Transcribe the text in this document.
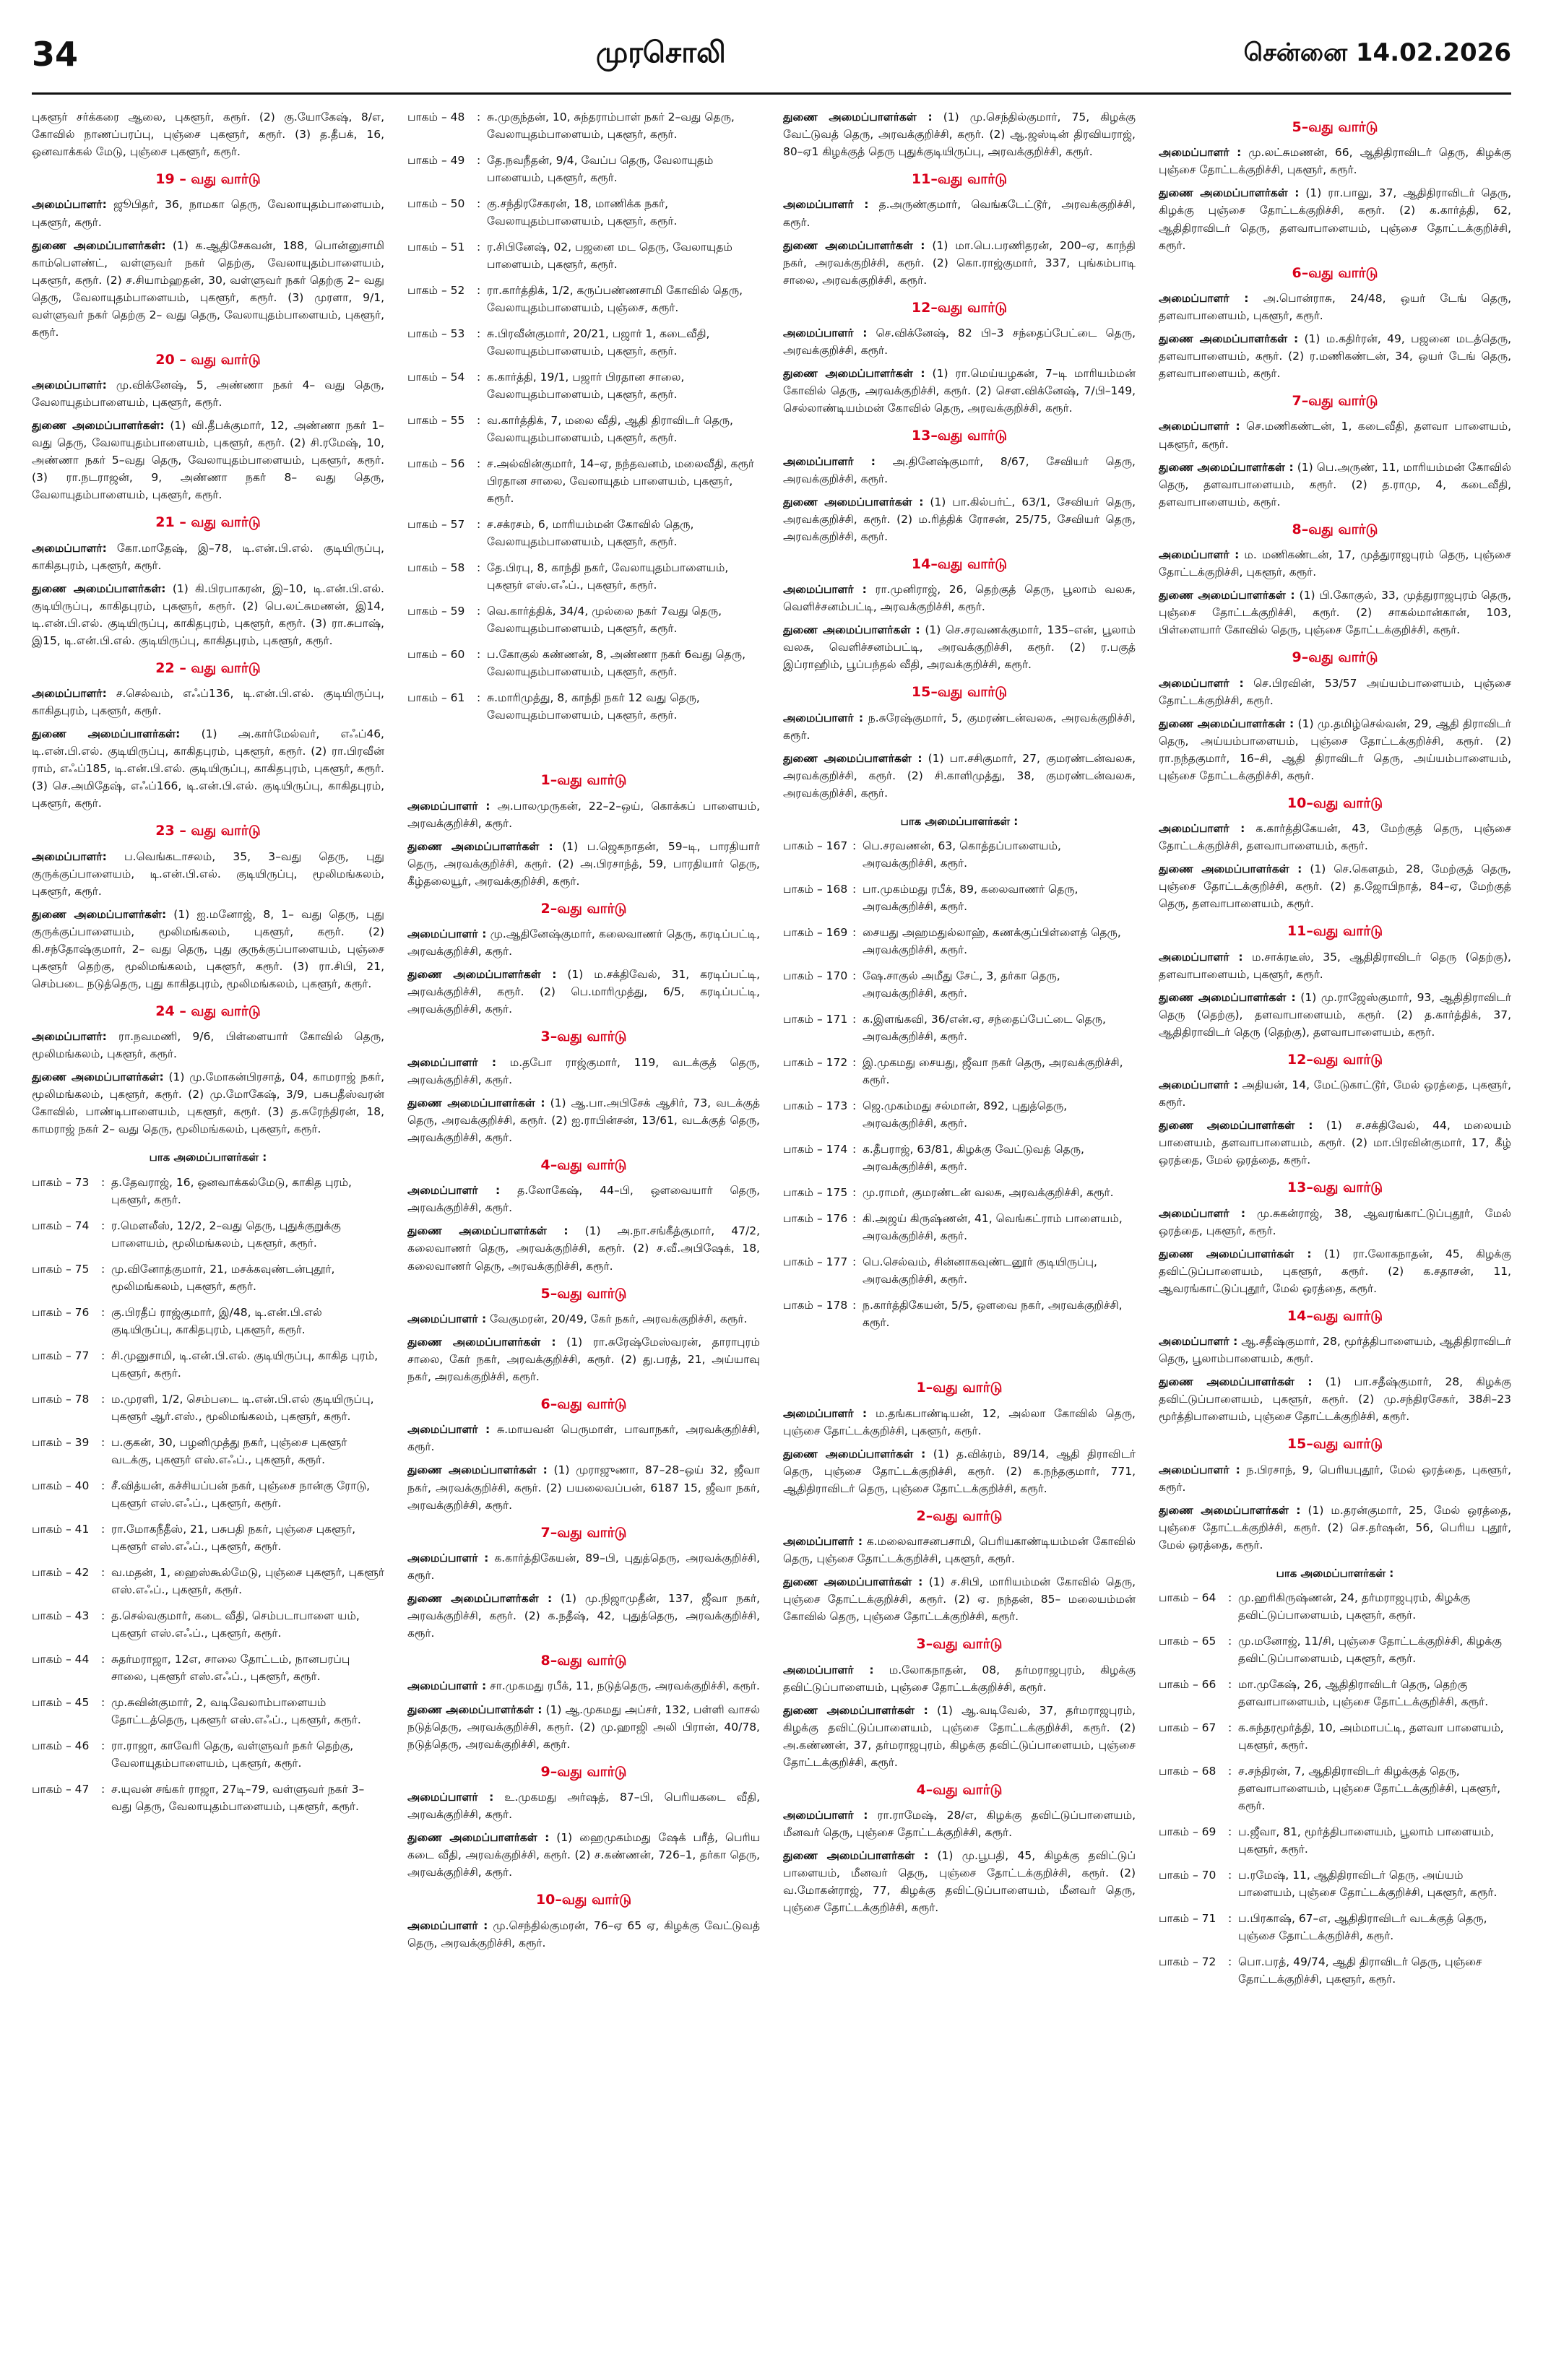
34	முரசொலி	சென்னை 14.02.2026

புகளூர் சர்க்கரை ஆலை, புகளூர், கரூர். (2) கு.யோகேஷ், 8/எ, கோவில் நாணப்பரப்பு, புஞ்சை புகளூர், கரூர். (3) த.தீபக், 16, ஒனவாக்கல் மேடு, புஞ்சை புகளூர், கரூர்.

19 – வது வார்டு

அமைப்பாளர்: ஜூபிதர், 36, நாமகா தெரு, வேலாயுதம்பாளையம், புகளூர், கரூர்.

துணை அமைப்பாளர்கள்: (1) க.ஆதிசேகவன், 188, பொன்னுசாமி காம்பௌண்ட், வள்ளுவர் நகர் தெற்கு, வேலாயுதம்பாளையம், புகளூர், கரூர். (2) ச.சியாம்ஹதன், 30, வள்ளுவர் நகர் தெற்கு 2– வது தெரு, வேலாயுதம்பாளையம், புகளூர், கரூர். (3) முரளா, 9/1, வள்ளுவர் நகர் தெற்கு 2– வது தெரு, வேலாயுதம்பாளையம், புகளூர், கரூர்.

20 – வது வார்டு

அமைப்பாளர்: மு.விக்னேஷ், 5, அண்ணா நகர் 4– வது தெரு, வேலாயுதம்பாளையம், புகளூர், கரூர்.

துணை அமைப்பாளர்கள்: (1) வி.தீபக்குமார், 12, அண்ணா நகர் 1–வது தெரு, வேலாயுதம்பாளையம், புகளூர், கரூர். (2) சி.ரமேஷ், 10, அண்ணா நகர் 5–வது தெரு, வேலாயுதம்பாளையம், புகளூர், கரூர். (3) ரா.நடராஜன், 9, அண்ணா நகர் 8– வது தெரு, வேலாயுதம்பாளையம், புகளூர், கரூர்.

21 – வது வார்டு

அமைப்பாளர்: கோ.மாதேஷ், இ–78, டி.என்.பி.எல். குடியிருப்பு, காகிதபுரம், புகளூர், கரூர்.

துணை அமைப்பாளர்கள்: (1) கி.பிரபாகரன், இ–10, டி.என்.பி.எல். குடியிருப்பு, காகிதபுரம், புகளூர், கரூர். (2) பெ.லட்சுமணன், இ14, டி.என்.பி.எல். குடியிருப்பு, காகிதபுரம், புகளூர், கரூர். (3) ரா.சுபாஷ், இ15, டி.என்.பி.எல். குடியிருப்பு, காகிதபுரம், புகளூர், கரூர்.

22 – வது வார்டு

அமைப்பாளர்: ச.செல்வம், எஃப்136, டி.என்.பி.எல். குடியிருப்பு, காகிதபுரம், புகளூர், கரூர்.

துணை அமைப்பாளர்கள்: (1) அ.கார்மேல்வர், எஃப்46, டி.என்.பி.எல். குடியிருப்பு, காகிதபுரம், புகளூர், கரூர். (2) ரா.பிரவீன் ராம், எஃப்185, டி.என்.பி.எல். குடியிருப்பு, காகிதபுரம், புகளூர், கரூர். (3) செ.அமிதேஷ், எஃப்166, டி.என்.பி.எல். குடியிருப்பு, காகிதபுரம், புகளூர், கரூர்.

23 – வது வார்டு

அமைப்பாளர்: ப.வெங்கடாசலம், 35, 3–வது தெரு, புது குருக்குப்பாளையம், டி.என்.பி.எல். குடியிருப்பு, மூலிமங்கலம், புகளூர், கரூர்.

துணை அமைப்பாளர்கள்: (1) ஐ.மனோஜ், 8, 1– வது தெரு, புது குருக்குப்பாளையம், மூலிமங்கலம், புகளூர், கரூர். (2) கி.சந்தோஷ்குமார், 2– வது தெரு, புது குருக்குப்பாளையம், புஞ்சை புகளூர் தெற்கு, மூலிமங்கலம், புகளூர், கரூர். (3) ரா.சிபி, 21, செம்படை நடுத்தெரு, புது காகிதபுரம், மூலிமங்கலம், புகளூர், கரூர்.

24 – வது வார்டு

அமைப்பாளர்: ரா.நவமணி, 9/6, பிள்ளையார் கோவில் தெரு, மூலிமங்கலம், புகளூர், கரூர்.

துணை அமைப்பாளர்கள்: (1) மு.மோகன்பிரசாத், 04, காமராஜ் நகர், மூலிமங்கலம், புகளூர், கரூர். (2) மு.மோகேஷ், 3/9, பசுபதீஸ்வரன் கோவில், பாண்டிபாளையம், புகளூர், கரூர். (3) த.சுரேந்திரன், 18, காமராஜ் நகர் 2– வது தெரு, மூலிமங்கலம், புகளூர், கரூர்.

பாக அமைப்பாளர்கள் :
பாகம் – 73	: த.தேவராஜ், 16, ஒனவாக்கல்மேடு, காகித புரம், புகளூர், கரூர்.
பாகம் – 74	: ர.மௌலீஸ், 12/2, 2–வது தெரு, புதுக்குறுக்கு பாளையம், மூலிமங்கலம், புகளூர், கரூர்.
பாகம் – 75	: மு.வினோத்குமார், 21, மசக்கவுண்டன்புதூர், மூலிமங்கலம், புகளூர், கரூர்.
பாகம் – 76	: கு.பிரதீப் ராஜ்குமார், இ/48, டி.என்.பி.எல் குடியிருப்பு, காகிதபுரம், புகளூர், கரூர்.
பாகம் – 77	: சி.முனுசாமி, டி.என்.பி.எல். குடியிருப்பு, காகித புரம், புகளூர், கரூர்.
பாகம் – 78	: ம.முரளி, 1/2, செம்படை டி.என்.பி.எல் குடியிருப்பு, புகளூர் ஆர்.எஸ்., மூலிமங்கலம், புகளூர், கரூர்.
பாகம் – 39	: ப.குகன், 30, பழனிமுத்து நகர், புஞ்சை புகளூர் வடக்கு, புகளூர் எஸ்.எஃப்., புகளூர், கரூர்.
பாகம் – 40	: சீ.வித்யன், கச்சியப்பன் நகர், புஞ்சை நான்கு ரோடு, புகளூர் எஸ்.எஃப்., புகளூர், கரூர்.
பாகம் – 41	: ரா.மோகநீதீஸ், 21, பசுபதி நகர், புஞ்சை புகளூர், புகளூர் எஸ்.எஃப்., புகளூர், கரூர்.
பாகம் – 42	: வ.மதன், 1, ஹைஸ்கூல்மேடு, புஞ்சை புகளூர், புகளூர் எஸ்.எஃப்., புகளூர், கரூர்.
பாகம் – 43	: த.செல்வகுமார், கடை வீதி, செம்படாபாளை யம், புகளூர் எஸ்.எஃப்., புகளூர், கரூர்.
பாகம் – 44	: சுதர்மராஜா, 12எ, சாலை தோட்டம், நானபரப்பு சாலை, புகளூர் எஸ்.எஃப்., புகளூர், கரூர்.
பாகம் – 45	: மு.சுவின்குமார், 2, வடிவேலாம்பாளையம் தோட்டத்தெரு, புகளூர் எஸ்.எஃப்., புகளூர், கரூர்.
பாகம் – 46	: ரா.ராஜா, காவேரி தெரு, வள்ளுவர் நகர் தெற்கு, வேலாயுதம்பாளையம், புகளூர், கரூர்.
பாகம் – 47	: ச.யுவன் சங்கர் ராஜா, 27டி–79, வள்ளுவர் நகர் 3–வது தெரு, வேலாயுதம்பாளையம், புகளூர், கரூர்.
பாகம் – 48	: சு.முகுந்தன், 10, சுந்தராம்பாள் நகர் 2–வது தெரு, வேலாயுதம்பாளையம், புகளூர், கரூர்.
பாகம் – 49	: தே.நவநீதன், 9/4, வேப்ப தெரு, வேலாயுதம் பாளையம், புகளூர், கரூர்.
பாகம் – 50	: கு.சந்திரசேகரன், 18, மாணிக்க நகர், வேலாயுதம்பாளையம், புகளூர், கரூர்.
பாகம் – 51	: ர.சிபினேஷ், 02, பஜனை மட தெரு, வேலாயுதம் பாளையம், புகளூர், கரூர்.
பாகம் – 52	: ரா.கார்த்திக், 1/2, கருப்பண்ணசாமி கோவில் தெரு, வேலாயுதம்பாளையம், புஞ்சை, கரூர்.
பாகம் – 53	: சு.பிரவீன்குமார், 20/21, பஜார் 1, கடைவீதி, வேலாயுதம்பாளையம், புகளூர், கரூர்.
பாகம் – 54	: க.கார்த்தி, 19/1, பஜார் பிரதான சாலை, வேலாயுதம்பாளையம், புகளூர், கரூர்.
பாகம் – 55	: வ.கார்த்திக், 7, மலை வீதி, ஆதி திராவிடர் தெரு, வேலாயுதம்பாளையம், புகளூர், கரூர்.
பாகம் – 56	: ச.அல்வின்குமார், 14–ஏ, நந்தவனம், மலைவீதி, கரூர் பிரதான சாலை, வேலாயுதம் பாளையம், புகளூர், கரூர்.
பாகம் – 57	: ச.சக்ரசம், 6, மாரியம்மன் கோவில் தெரு, வேலாயுதம்பாளையம், புகளூர், கரூர்.
பாகம் – 58	: தே.பிரபு, 8, காந்தி நகர், வேலாயுதம்பாளையம், புகளூர் எஸ்.எஃப்., புகளூர், கரூர்.
பாகம் – 59	: வெ.கார்த்திக், 34/4, முல்லை நகர் 7வது தெரு, வேலாயுதம்பாளையம், புகளூர், கரூர்.
பாகம் – 60	: ப.கோகுல் கண்ணன், 8, அண்ணா நகர் 6வது தெரு, வேலாயுதம்பாளையம், புகளூர், கரூர்.
பாகம் – 61	: சு.மாரிமுத்து, 8, காந்தி நகர் 12 வது தெரு, வேலாயுதம்பாளையம், புகளூர், கரூர்.
1–வது வார்டு

அமைப்பாளர் : அ.பாலமுருகன், 22–2–ஒய், கொக்கப் பாளையம், அரவக்குறிச்சி, கரூர்.

துணை அமைப்பாளர்கள் : (1) ப.ஜெகநாதன், 59–டி, பாரதியார் தெரு, அரவக்குறிச்சி, கரூர். (2) அ.பிரசாந்த், 59, பாரதியார் தெரு, கீழ்தலையூர், அரவக்குறிச்சி, கரூர்.

2–வது வார்டு

அமைப்பாளர் : மு.ஆதினேஷ்குமார், கலைவாணர் தெரு, கரடிப்பட்டி, அரவக்குறிச்சி, கரூர்.

துணை அமைப்பாளர்கள் : (1) ம.சக்திவேல், 31, கரடிப்பட்டி, அரவக்குறிச்சி, கரூர். (2) பெ.மாரிமுத்து, 6/5, கரடிப்பட்டி, அரவக்குறிச்சி, கரூர்.

3–வது வார்டு

அமைப்பாளர் : ம.தபோ ராஜ்குமார், 119, வடக்குத் தெரு, அரவக்குறிச்சி, கரூர்.

துணை அமைப்பாளர்கள் : (1) ஆ.பா.அபிசேக் ஆசிர், 73, வடக்குத் தெரு, அரவக்குறிச்சி, கரூர். (2) ஐ.ராபின்சன், 13/61, வடக்குத் தெரு, அரவக்குறிச்சி, கரூர்.

4–வது வார்டு

அமைப்பாளர் : த.லோகேஷ், 44–பி, ஒளவையார் தெரு, அரவக்குறிச்சி, கரூர்.

துணை அமைப்பாளர்கள் : (1) அ.நா.சங்கீத்குமார், 47/2, கலைவாணர் தெரு, அரவக்குறிச்சி, கரூர். (2) ச.வீ.அபிஷேக், 18, கலைவாணர் தெரு, அரவக்குறிச்சி, கரூர்.

5–வது வார்டு

அமைப்பாளர் : வேகுமரன், 20/49, கேர் நகர், அரவக்குறிச்சி, கரூர்.

துணை அமைப்பாளர்கள் : (1) ரா.சுரேஷ்மேஸ்வரன், தாராபுரம் சாலை, கேர் நகர், அரவக்குறிச்சி, கரூர். (2) து.பரத், 21, அய்யாவு நகர், அரவக்குறிச்சி, கரூர்.

6–வது வார்டு

அமைப்பாளர் : சு.மாயவன் பெருமாள், பாவாநகர், அரவக்குறிச்சி, கரூர்.

துணை அமைப்பாளர்கள் : (1) முராஜுணா, 87–28–ஒய் 32, ஜீவா நகர், அரவக்குறிச்சி, கரூர். (2) பயலைவப்பன், 6187 15, ஜீவா நகர், அரவக்குறிச்சி, கரூர்.

7–வது வார்டு

அமைப்பாளர் : க.கார்த்திகேயன், 89–பி, புதுத்தெரு, அரவக்குறிச்சி, கரூர்.

துணை அமைப்பாளர்கள் : (1) மு.நிஜாமுதீன், 137, ஜீவா நகர், அரவக்குறிச்சி, கரூர். (2) க.நதீஷ், 42, புதுத்தெரு, அரவக்குறிச்சி, கரூர்.

8–வது வார்டு

அமைப்பாளர் : சா.முகமது ரபீக், 11, நடுத்தெரு, அரவக்குறிச்சி, கரூர்.

துணை அமைப்பாளர்கள் : (1) ஆ.முகமது அப்சர், 132, பள்ளி வாசல் நடுத்தெரு, அரவக்குறிச்சி, கரூர். (2) மு.ஹாஜி அலி பிரான், 40/78, நடுத்தெரு, அரவக்குறிச்சி, கரூர்.

9–வது வார்டு

அமைப்பாளர் : உ.முகமது அர்ஷத், 87–பி, பெரியகடை வீதி, அரவக்குறிச்சி, கரூர்.

துணை அமைப்பாளர்கள் : (1) ஹைமுகம்மது ஷேக் பரீத், பெரிய கடை வீதி, அரவக்குறிச்சி, கரூர். (2) ச.கண்ணன், 726–1, தர்கா தெரு, அரவக்குறிச்சி, கரூர்.

10–வது வார்டு

அமைப்பாளர் : மு.செந்தில்குமரன், 76–ஏ 65 ஏ, கிழக்கு வேட்டுவத் தெரு, அரவக்குறிச்சி, கரூர்.

துணை அமைப்பாளர்கள் : (1) மு.செந்தில்குமார், 75, கிழக்கு வேட்டுவத் தெரு, அரவக்குறிச்சி, கரூர். (2) ஆ.ஜஸ்டின் திரவியராஜ், 80–ஏ1 கிழக்குத் தெரு புதுக்குடியிருப்பு, அரவக்குறிச்சி, கரூர்.

11–வது வார்டு

அமைப்பாளர் : த.அருண்குமார், வெங்கடேட்டூர், அரவக்குறிச்சி, கரூர்.

துணை அமைப்பாளர்கள் : (1) மா.பெ.பரணிதரன், 200–ஏ, காந்தி நகர், அரவக்குறிச்சி, கரூர். (2) கொ.ராஜ்குமார், 337, புங்கம்பாடி சாலை, அரவக்குறிச்சி, கரூர்.

12–வது வார்டு

அமைப்பாளர் : செ.விக்னேஷ், 82 பி–3 சந்தைப்பேட்டை தெரு, அரவக்குறிச்சி, கரூர்.

துணை அமைப்பாளர்கள் : (1) ரா.மெய்யழகன், 7–டி மாரியம்மன் கோவில் தெரு, அரவக்குறிச்சி, கரூர். (2) சௌ.விக்னேஷ், 7/பி–149, செல்லாண்டியம்மன் கோவில் தெரு, அரவக்குறிச்சி, கரூர்.

13–வது வார்டு

அமைப்பாளர் : அ.தினேஷ்குமார், 8/67, சேவியர் தெரு, அரவக்குறிச்சி, கரூர்.

துணை அமைப்பாளர்கள் : (1) பா.கில்பர்ட், 63/1, சேவியர் தெரு, அரவக்குறிச்சி, கரூர். (2) ம.ரித்திக் ரோசன், 25/75, சேவியர் தெரு, அரவக்குறிச்சி, கரூர்.

14–வது வார்டு

அமைப்பாளர் : ரா.முனிராஜ், 26, தெற்குத் தெரு, பூலாம் வலசு, வெளிச்சனம்பட்டி, அரவக்குறிச்சி, கரூர்.

துணை அமைப்பாளர்கள் : (1) செ.சரவணக்குமார், 135–என், பூலாம் வலசு, வெளிச்சனம்பட்டி, அரவக்குறிச்சி, கரூர். (2) ர.பகுத் இப்ராஹிம், பூப்பந்தல் வீதி, அரவக்குறிச்சி, கரூர்.

15–வது வார்டு

அமைப்பாளர் : ந.சுரேஷ்குமார், 5, குமரண்டன்வலசு, அரவக்குறிச்சி, கரூர்.

துணை அமைப்பாளர்கள் : (1) பா.சசிகுமார், 27, குமரண்டன்வலசு, அரவக்குறிச்சி, கரூர். (2) சி.காளிமுத்து, 38, குமரண்டன்வலசு, அரவக்குறிச்சி, கரூர்.

பாக அமைப்பாளர்கள் :
பாகம் – 167 : பெ.சரவணன், 63, கொத்தப்பாளையம், அரவக்குறிச்சி, கரூர்.
பாகம் – 168 : பா.முகம்மது ரபீக், 89, கலைவாணர் தெரு, அரவக்குறிச்சி, கரூர்.
பாகம் – 169 : சையது அஹமதுல்லாஹ், கணக்குப்பிள்ளைத் தெரு, அரவக்குறிச்சி, கரூர்.
பாகம் – 170 : ஷே.சாகுல் அமீது சேட், 3, தர்கா தெரு, அரவக்குறிச்சி, கரூர்.
பாகம் – 171 : க.இளங்கவி, 36/என்.ஏ, சந்தைப்பேட்டை தெரு, அரவக்குறிச்சி, கரூர்.
பாகம் – 172 : இ.முகமது சையது, ஜீவா நகர் தெரு, அரவக்குறிச்சி, கரூர்.
பாகம் – 173 : ஜெ.முகம்மது சல்மான், 892, புதுத்தெரு, அரவக்குறிச்சி, கரூர்.
பாகம் – 174 : க.தீபராஜ், 63/81, கிழக்கு வேட்டுவத் தெரு, அரவக்குறிச்சி, கரூர்.
பாகம் – 175 : மு.ராமர், குமரண்டன் வலசு, அரவக்குறிச்சி, கரூர்.
பாகம் – 176 : கி.அஜய் கிருஷ்ணன், 41, வெங்கட்ராம் பாளையம், அரவக்குறிச்சி, கரூர்.
பாகம் – 177 : பெ.செல்வம், சின்னாகவுண்டனூர் குடியிருப்பு, அரவக்குறிச்சி, கரூர்.
பாகம் – 178 : ந.கார்த்திகேயன், 5/5, ஒளவை நகர், அரவக்குறிச்சி, கரூர்.
1–வது வார்டு

அமைப்பாளர் : ம.தங்கபாண்டியன், 12, அல்லா கோவில் தெரு, புஞ்சை தோட்டக்குறிச்சி, புகளூர், கரூர்.

துணை அமைப்பாளர்கள் : (1) த.விக்ரம், 89/14, ஆதி திராவிடர் தெரு, புஞ்சை தோட்டக்குறிச்சி, கரூர். (2) க.நந்தகுமார், 771, ஆதிதிராவிடர் தெரு, புஞ்சை தோட்டக்குறிச்சி, கரூர்.

2–வது வார்டு

அமைப்பாளர் : க.மலைவாசனபசாமி, பெரியகாண்டியம்மன் கோவில் தெரு, புஞ்சை தோட்டக்குறிச்சி, புகளூர், கரூர்.

துணை அமைப்பாளர்கள் : (1) ச.சிபி, மாரியம்மன் கோவில் தெரு, புஞ்சை தோட்டக்குறிச்சி, கரூர். (2) ஏ. நந்தன், 85– மலையம்மன் கோவில் தெரு, புஞ்சை தோட்டக்குறிச்சி, கரூர்.

3–வது வார்டு

அமைப்பாளர் : ம.லோகநாதன், 08, தர்மராஜபுரம், கிழக்கு தவிட்டுப்பாளையம், புஞ்சை தோட்டக்குறிச்சி, கரூர்.

துணை அமைப்பாளர்கள் : (1) ஆ.வடிவேல், 37, தர்மராஜபுரம், கிழக்கு தவிட்டுப்பாளையம், புஞ்சை தோட்டக்குறிச்சி, கரூர். (2) அ.கண்ணன், 37, தர்மராஜபுரம், கிழக்கு தவிட்டுப்பாளையம், புஞ்சை தோட்டக்குறிச்சி, கரூர்.

4–வது வார்டு

அமைப்பாளர் : ரா.ராமேஷ், 28/எ, கிழக்கு தவிட்டுப்பாளையம், மீனவர் தெரு, புஞ்சை தோட்டக்குறிச்சி, கரூர்.

துணை அமைப்பாளர்கள் : (1) மு.பூபதி, 45, கிழக்கு தவிட்டுப் பாளையம், மீனவர் தெரு, புஞ்சை தோட்டக்குறிச்சி, கரூர். (2) வ.மோகன்ராஜ், 77, கிழக்கு தவிட்டுப்பாளையம், மீனவர் தெரு, புஞ்சை தோட்டக்குறிச்சி, கரூர்.

5–வது வார்டு

அமைப்பாளர் : மு.லட்சுமணன், 66, ஆதிதிராவிடர் தெரு, கிழக்கு புஞ்சை தோட்டக்குறிச்சி, புகளூர், கரூர்.

துணை அமைப்பாளர்கள் : (1) ரா.பாலு, 37, ஆதிதிராவிடர் தெரு, கிழக்கு புஞ்சை தோட்டக்குறிச்சி, கரூர். (2) க.கார்த்தி, 62, ஆதிதிராவிடர் தெரு, தளவாபாளையம், புஞ்சை தோட்டக்குறிச்சி, கரூர்.

6–வது வார்டு

அமைப்பாளர் : அ.பொன்ராசு, 24/48, ஒயர் டேங் தெரு, தளவாபாளையம், புகளூர், கரூர்.

துணை அமைப்பாளர்கள் : (1) ம.கதிர்ரன், 49, பஜனை மடத்தெரு, தளவாபாளையம், கரூர். (2) ர.மணிகண்டன், 34, ஒயர் டேங் தெரு, தளவாபாளையம், கரூர்.

7–வது வார்டு

அமைப்பாளர் : செ.மணிகண்டன், 1, கடைவீதி, தளவா பாளையம், புகளூர், கரூர்.

துணை அமைப்பாளர்கள் : (1) பெ.அருண், 11, மாரியம்மன் கோவில் தெரு, தளவாபாளையம், கரூர். (2) த.ராமு, 4, கடைவீதி, தளவாபாளையம், கரூர்.

8–வது வார்டு

அமைப்பாளர் : ம. மணிகண்டன், 17, முத்துராஜபுரம் தெரு, புஞ்சை தோட்டக்குறிச்சி, புகளூர், கரூர்.

துணை அமைப்பாளர்கள் : (1) பி.கோகுல், 33, முத்துராஜபுரம் தெரு, புஞ்சை தோட்டக்குறிச்சி, கரூர். (2) சாகல்மான்கான், 103, பிள்ளையார் கோவில் தெரு, புஞ்சை தோட்டக்குறிச்சி, கரூர்.

9–வது வார்டு

அமைப்பாளர் : செ.பிரவின், 53/57 அய்யம்பாளையம், புஞ்சை தோட்டக்குறிச்சி, கரூர்.

துணை அமைப்பாளர்கள் : (1) மு.தமிழ்செல்வன், 29, ஆதி திராவிடர் தெரு, அய்யம்பாளையம், புஞ்சை தோட்டக்குறிச்சி, கரூர். (2) ரா.நந்தகுமார், 16–சி, ஆதி திராவிடர் தெரு, அய்யம்பாளையம், புஞ்சை தோட்டக்குறிச்சி, கரூர்.

10–வது வார்டு

அமைப்பாளர் : க.கார்த்திகேயன், 43, மேற்குத் தெரு, புஞ்சை தோட்டக்குறிச்சி, தளவாபாளையம், கரூர்.

துணை அமைப்பாளர்கள் : (1) செ.கௌதம், 28, மேற்குத் தெரு, புஞ்சை தோட்டக்குறிச்சி, கரூர். (2) த.ஜோபிநாத், 84–ஏ, மேற்குத் தெரு, தளவாபாளையம், கரூர்.

11–வது வார்டு

அமைப்பாளர் : ம.சாக்ரடீஸ், 35, ஆதிதிராவிடர் தெரு (தெற்கு), தளவாபாளையம், புகளூர், கரூர்.

துணை அமைப்பாளர்கள் : (1) மு.ராஜேஸ்குமார், 93, ஆதிதிராவிடர் தெரு (தெற்கு), தளவாபாளையம், கரூர். (2) த.கார்த்திக், 37, ஆதிதிராவிடர் தெரு (தெற்கு), தளவாபாளையம், கரூர்.

12–வது வார்டு

அமைப்பாளர் : அதியன், 14, மேட்டுகாட்டூர், மேல் ஒரத்தை, புகளூர், கரூர்.

துணை அமைப்பாளர்கள் : (1) ச.சக்திவேல், 44, மலையம் பாளையம், தளவாபாளையம், கரூர். (2) மா.பிரவின்குமார், 17, கீழ் ஒரத்தை, மேல் ஒரத்தை, கரூர்.

13–வது வார்டு

அமைப்பாளர் : மு.சுகன்ராஜ், 38, ஆவரங்காட்டுப்புதூர், மேல் ஒரத்தை, புகளூர், கரூர்.

துணை அமைப்பாளர்கள் : (1) ரா.லோகநாதன், 45, கிழக்கு தவிட்டுப்பாளையம், புகளூர், கரூர். (2) க.சதாசன், 11, ஆவரங்காட்டுப்புதூர், மேல் ஒரத்தை, கரூர்.

14–வது வார்டு

அமைப்பாளர் : ஆ.சதீஷ்குமார், 28, மூர்த்திபாளையம், ஆதிதிராவிடர் தெரு, பூலாம்பாளையம், கரூர்.

துணை அமைப்பாளர்கள் : (1) பா.சதீஷ்குமார், 28, கிழக்கு தவிட்டுப்பாளையம், புகளூர், கரூர். (2) மு.சந்திரசேகர், 38சி–23 மூர்த்திபாளையம், புஞ்சை தோட்டக்குறிச்சி, கரூர்.

15–வது வார்டு

அமைப்பாளர் : ந.பிரசாந், 9, பெரியபுதூர், மேல் ஒரத்தை, புகளூர், கரூர்.

துணை அமைப்பாளர்கள் : (1) ம.தரன்குமார், 25, மேல் ஒரத்தை, புஞ்சை தோட்டக்குறிச்சி, கரூர். (2) செ.தர்ஷன், 56, பெரிய புதூர், மேல் ஒரத்தை, கரூர்.

பாக அமைப்பாளர்கள் :
பாகம் – 64	: மு.ஹரிகிருஷ்ணன், 24, தர்மராஜபுரம், கிழக்கு தவிட்டுப்பாளையம், புகளூர், கரூர்.
பாகம் – 65	: மு.மனோஜ், 11/சி, புஞ்சை தோட்டக்குறிச்சி, கிழக்கு தவிட்டுப்பாளையம், புகளூர், கரூர்.
பாகம் – 66	: மா.முகேஷ், 26, ஆதிதிராவிடர் தெரு, தெற்கு தளவாபாளையம், புஞ்சை தோட்டக்குறிச்சி, கரூர்.
பாகம் – 67	: க.சுந்தரமூர்த்தி, 10, அம்மாபட்டி, தளவா பாளையம், புகளூர், கரூர்.
பாகம் – 68	: ச.சந்திரன், 7, ஆதிதிராவிடர் கிழக்குத் தெரு, தளவாபாளையம், புஞ்சை தோட்டக்குறிச்சி, புகளூர், கரூர்.
பாகம் – 69	: ப.ஜீவா, 81, மூர்த்திபாளையம், பூலாம் பாளையம், புகளூர், கரூர்.
பாகம் – 70	: ப.ரமேஷ், 11, ஆதிதிராவிடர் தெரு, அய்யம் பாளையம், புஞ்சை தோட்டக்குறிச்சி, புகளூர், கரூர்.
பாகம் – 71	: ப.பிரகாஷ், 67–எ, ஆதிதிராவிடர் வடக்குத் தெரு, புஞ்சை தோட்டக்குறிச்சி, கரூர்.
பாகம் – 72	: பொ.பரத், 49/74, ஆதி திராவிடர் தெரு, புஞ்சை தோட்டக்குறிச்சி, புகளூர், கரூர்.
